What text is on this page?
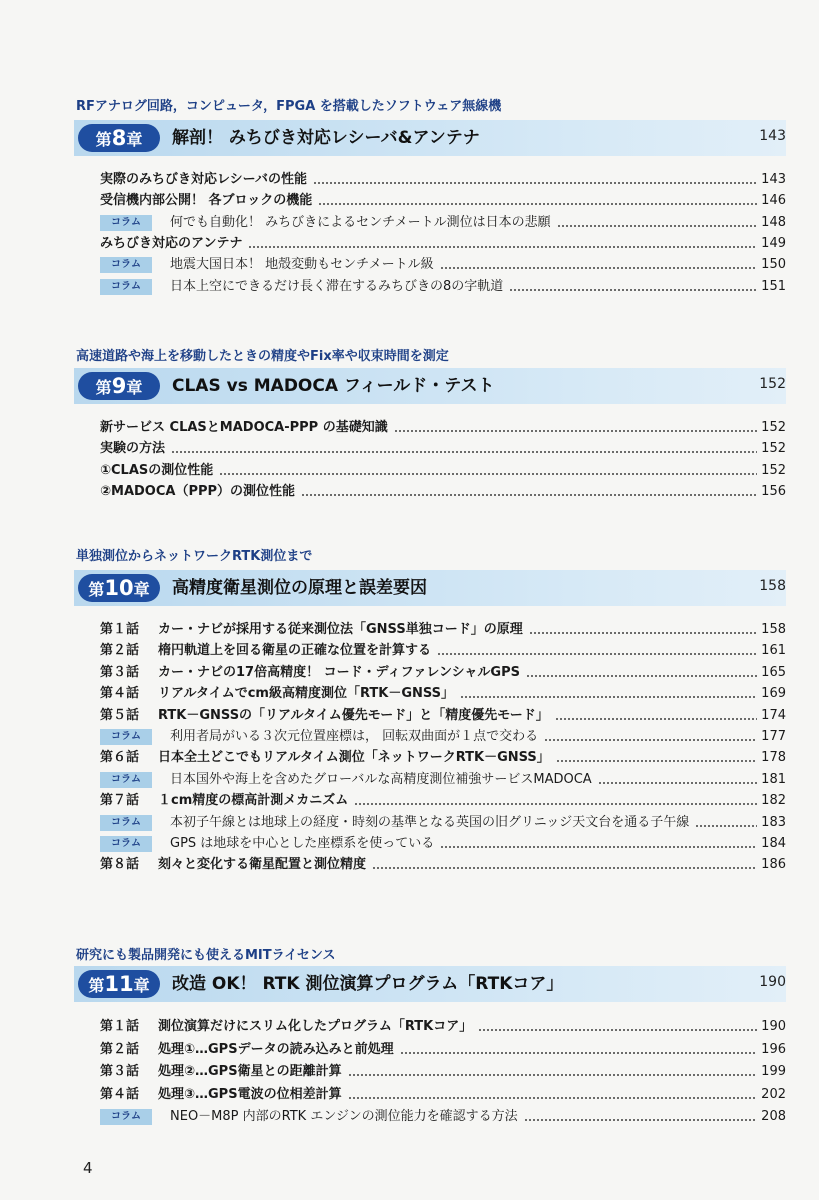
RFアナログ回路，コンピュータ，FPGA を搭載したソフトウェア無線機
第8章	解剖！ みちびき対応レシーバ&アンテナ	143
実際のみちびき対応レシーバの性能	143
受信機内部公開！ 各ブロックの機能	146
コラム	何でも自動化！ みちびきによるセンチメートル測位は日本の悲願	148
みちびき対応のアンテナ	149
コラム	地震大国日本！ 地殻変動もセンチメートル級	150
コラム	日本上空にできるだけ長く滞在するみちびきの8の字軌道	151
高速道路や海上を移動したときの精度やFix率や収束時間を測定
第9章	CLAS vs MADOCA フィールド・テスト	152
新サービス CLASとMADOCA-PPP の基礎知識	152
実験の方法	152
①CLASの測位性能	152
②MADOCA（PPP）の測位性能	156
単独測位からネットワークRTK測位まで
第10章	高精度衛星測位の原理と誤差要因	158
第１話	カー・ナビが採用する従来測位法「GNSS単独コード」の原理	158
第２話	楕円軌道上を回る衛星の正確な位置を計算する	161
第３話	カー・ナビの17倍高精度！ コード・ディファレンシャルGPS	165
第４話	リアルタイムでcm級高精度測位「RTK－GNSS」	169
第５話	RTK－GNSSの「リアルタイム優先モード」と「精度優先モード」	174
コラム	利用者局がいる３次元位置座標は， 回転双曲面が１点で交わる	177
第６話	日本全土どこでもリアルタイム測位「ネットワークRTK－GNSS」	178
コラム	日本国外や海上を含めたグローバルな高精度測位補強サービスMADOCA	181
第７話	１cm精度の標高計測メカニズム	182
コラム	本初子午線とは地球上の経度・時刻の基準となる英国の旧グリニッジ天文台を通る子午線	183
コラム	GPS は地球を中心とした座標系を使っている	184
第８話	刻々と変化する衛星配置と測位精度	186
研究にも製品開発にも使えるMITライセンス
第11章	改造 OK！ RTK 測位演算プログラム「RTKコア」	190
第１話	測位演算だけにスリム化したプログラム「RTKコア」	190
第２話	処理①…GPSデータの読み込みと前処理	196
第３話	処理②…GPS衛星との距離計算	199
第４話	処理③…GPS電波の位相差計算	202
コラム	NEO－M8P 内部のRTK エンジンの測位能力を確認する方法	208
4
